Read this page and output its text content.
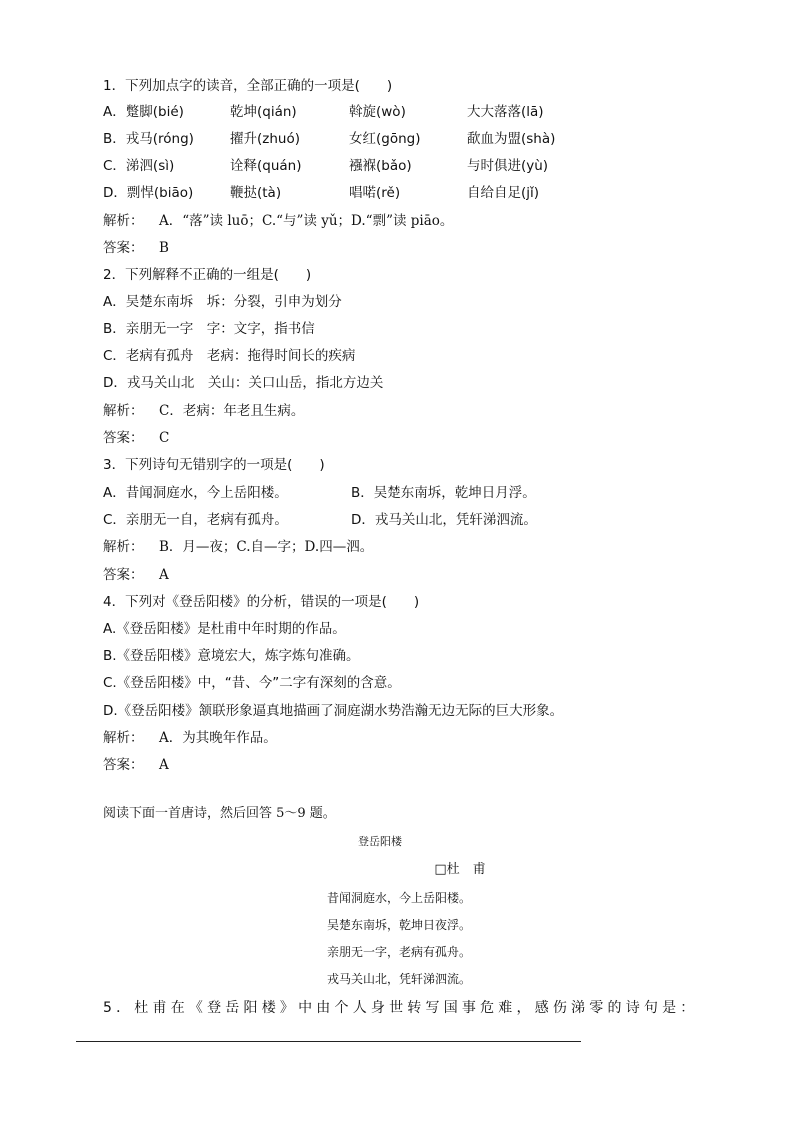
1．下列加点字的读音，全部正确的一项是(　　)
A．蹩脚(bié)	乾坤(qián)	斡旋(wò)	大大落落(lā)
B．戎马(róng)	擢升(zhuó)	女红(gōng)	歃血为盟(shà)
C．涕泗(sì)	诠释(quán)	襁褓(bǎo)	与时俱进(yù)
D．剽悍(biāo)	鞭挞(tà)	唱喏(rě)	自给自足(jǐ)
解析： A．“落”读 luō；C.“与”读 yǔ；D.“剽”读 piāo。
答案： B
2．下列解释不正确的一组是(　　)
A．吴楚东南坼　坼：分裂，引申为划分
B．亲朋无一字　字：文字，指书信
C．老病有孤舟　老病：拖得时间长的疾病
D．戎马关山北　关山：关口山岳，指北方边关
解析： C．老病：年老且生病。
答案： C
3．下列诗句无错别字的一项是(　　)
A．昔闻洞庭水，今上岳阳楼。	B．吴楚东南坼，乾坤日月浮。
C．亲朋无一自，老病有孤舟。	D．戎马关山北，凭轩涕泗流。
解析： B．月—夜；C.自—字；D.四—泗。
答案： A
4．下列对《登岳阳楼》的分析，错误的一项是(　　)
A.《登岳阳楼》是杜甫中年时期的作品。
B.《登岳阳楼》意境宏大，炼字炼句准确。
C.《登岳阳楼》中，“昔、今”二字有深刻的含意。
D.《登岳阳楼》颔联形象逼真地描画了洞庭湖水势浩瀚无边无际的巨大形象。
解析： A．为其晚年作品。
答案： A
阅读下面一首唐诗，然后回答 5～9 题。
登岳阳楼
□杜　甫
昔闻洞庭水，今上岳阳楼。
吴楚东南坼，乾坤日夜浮。
亲朋无一字，老病有孤舟。
戎马关山北，凭轩涕泗流。
5．杜甫在《登岳阳楼》中由个人身世转写国事危难，感伤涕零的诗句是：
